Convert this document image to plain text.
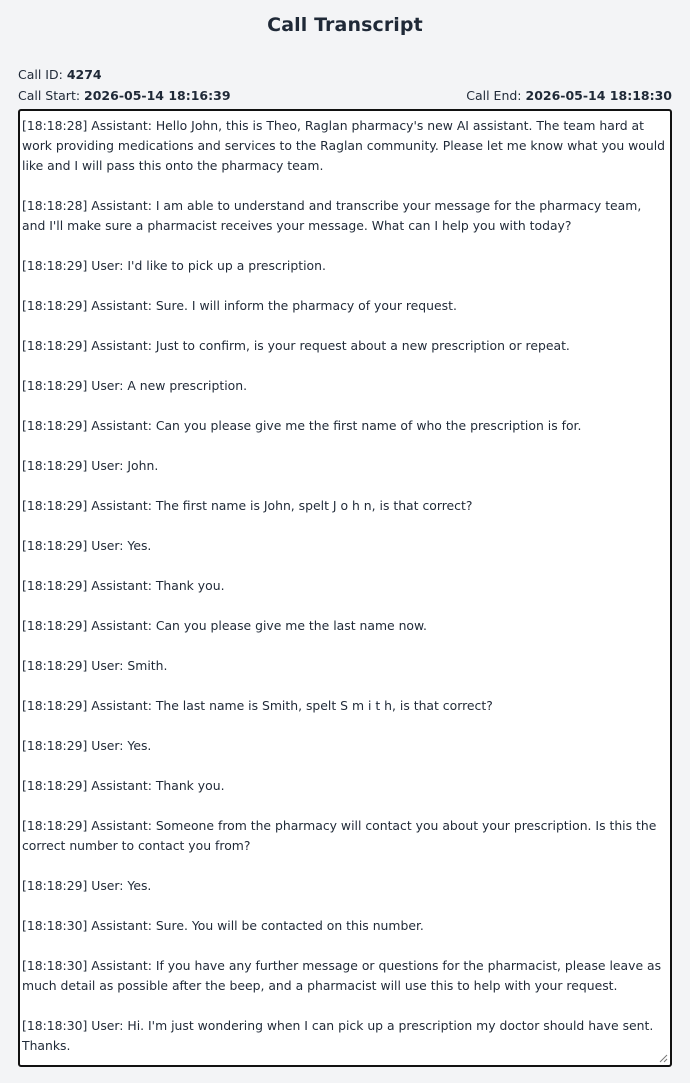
Call Transcript
Call ID: 4274
Call Start: 2026-05-14 18:16:39	Call End: 2026-05-14 18:18:30
[18:18:28] Assistant: Hello John, this is Theo, Raglan pharmacy's new AI assistant. The team hard at work providing medications and services to the Raglan community. Please let me know what you would like and I will pass this onto the pharmacy team.
[18:18:28] Assistant: I am able to understand and transcribe your message for the pharmacy team, and I'll make sure a pharmacist receives your message. What can I help you with today?
[18:18:29] User: I'd like to pick up a prescription.
[18:18:29] Assistant: Sure. I will inform the pharmacy of your request.
[18:18:29] Assistant: Just to confirm, is your request about a new prescription or repeat.
[18:18:29] User: A new prescription.
[18:18:29] Assistant: Can you please give me the first name of who the prescription is for.
[18:18:29] User: John.
[18:18:29] Assistant: The first name is John, spelt J o h n, is that correct?
[18:18:29] User: Yes.
[18:18:29] Assistant: Thank you.
[18:18:29] Assistant: Can you please give me the last name now.
[18:18:29] User: Smith.
[18:18:29] Assistant: The last name is Smith, spelt S m i t h, is that correct?
[18:18:29] User: Yes.
[18:18:29] Assistant: Thank you.
[18:18:29] Assistant: Someone from the pharmacy will contact you about your prescription. Is this the correct number to contact you from?
[18:18:29] User: Yes.
[18:18:30] Assistant: Sure. You will be contacted on this number.
[18:18:30] Assistant: If you have any further message or questions for the pharmacist, please leave as much detail as possible after the beep, and a pharmacist will use this to help with your request.
[18:18:30] User: Hi. I'm just wondering when I can pick up a prescription my doctor should have sent. Thanks.
